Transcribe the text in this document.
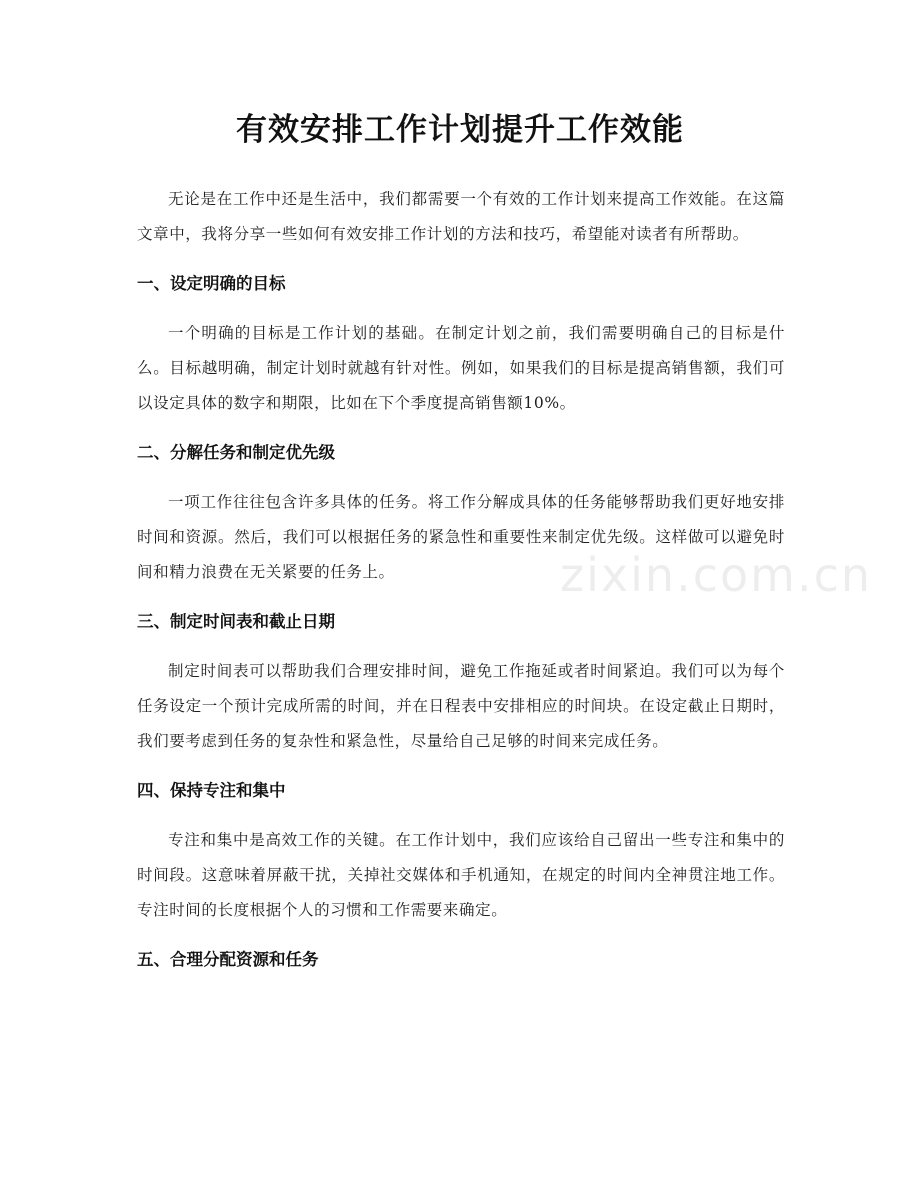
有效安排工作计划提升工作效能

无论是在工作中还是生活中，我们都需要一个有效的工作计划来提高工作效能。在这篇文章中，我将分享一些如何有效安排工作计划的方法和技巧，希望能对读者有所帮助。

一、设定明确的目标

一个明确的目标是工作计划的基础。在制定计划之前，我们需要明确自己的目标是什么。目标越明确，制定计划时就越有针对性。例如，如果我们的目标是提高销售额，我们可以设定具体的数字和期限，比如在下个季度提高销售额10%。

二、分解任务和制定优先级

一项工作往往包含许多具体的任务。将工作分解成具体的任务能够帮助我们更好地安排时间和资源。然后，我们可以根据任务的紧急性和重要性来制定优先级。这样做可以避免时间和精力浪费在无关紧要的任务上。

三、制定时间表和截止日期

制定时间表可以帮助我们合理安排时间，避免工作拖延或者时间紧迫。我们可以为每个任务设定一个预计完成所需的时间，并在日程表中安排相应的时间块。在设定截止日期时，我们要考虑到任务的复杂性和紧急性，尽量给自己足够的时间来完成任务。

四、保持专注和集中

专注和集中是高效工作的关键。在工作计划中，我们应该给自己留出一些专注和集中的时间段。这意味着屏蔽干扰，关掉社交媒体和手机通知，在规定的时间内全神贯注地工作。专注时间的长度根据个人的习惯和工作需要来确定。

五、合理分配资源和任务
zixin.com.cn
